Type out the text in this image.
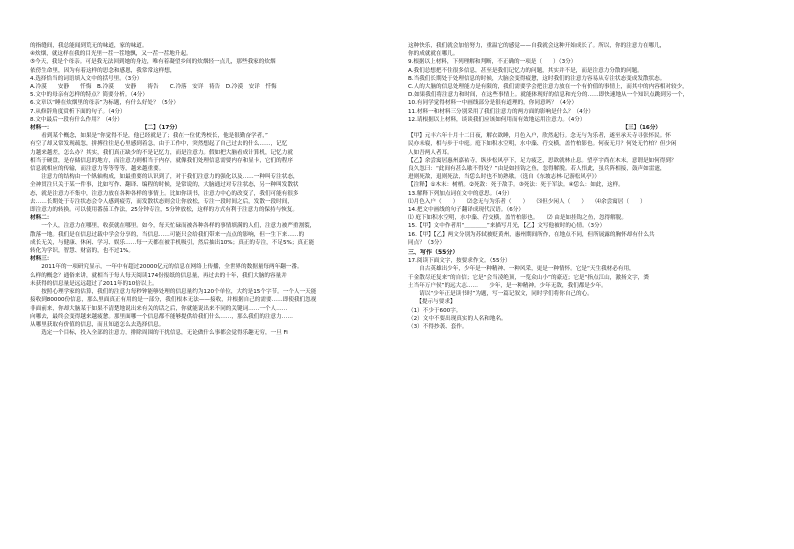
的指缝间，我总能闻到荒无的味道，家的味道。

④炊烟，就这样在我的目光里一茬一茬地飘，又一茬一茬地升起。

⑤今天，我是个母亲。可是我无法回到她的身边，唯有着凝望乡间的炊烟轻一点儿，那些我家的炊烟

依傍生命里，因为有着这样的思念和感恩，我常常这样想，

4.选择恰当的词语填入文中的括号里。（3分）

A.冷漠　　安静　　忏悔　B.冷漠　　安静　　祷告　　C.冷落　安详　祷告　D.冷漠　安详　忏悔

5.文中的母亲有怎样的特点？简要分析。（4分）

6.文章以“睡在炊烟里的母亲”为标题，有什么好处？（5分）

7.从修辞角度赏析下面的句子。（4分）

8.文中最后一段有什么作用？（4分）

材料一：　　　　　　　　　　　　　　　　　【二】（17分）

　　看到某个概念，如果是“你觉得不是，他已经就是了；我在一位优秀校长，他是很勤奋学者，”

有空了却又常发现疏忽，拼搏往往是心里感到着急，由于工作中，突然想起了自己过去的什么……，记忆

力越来越差，怎么办？其实，我们真正缺少的不是记忆力，而是注意力。假如把大脑看成计算机，记忆力就

相当于硬盘，是存储信息的地方，而注意力则相当于内存，就像我们处理信息需要内存和显卡，它们的程序

信息就相应的传输，而注意力等等等等，越来越重要。

　　注意力的结构由一个纵轴构成，如最重要的认识到了，对于我们注意力的强化以及……一种叫专注状态，

全神贯注只关于某一件事，比如写作、翻译、编程的时候，是常说的，大脑通过对专注状态，另一种叫发散状

态，就是注意力不集中，注意力放在各种各样的事情上。比如你读书，注意力中心的改变了，我们可能有很多

去……长期处于专注状态会令人感到疲劳，而发散状态则会让你放松，专注一段时间之后，发散一段时间，

即注意力的转换。可以使用番茄工作法，25分钟专注，5分钟放松，这样的方式有利于注意力的保持与恢复。

材料二：

　　一个人，注意力在哪里，收获就在哪里。如今，每天忙碌而被各种各样的事情填满的人们，注意力被严重割裂，

散落一地。我们是在信息过载中学会分享的，当信息……可能只会给我们带来一点点的影响，但一生下来……的

成长无关，与健康、休闲、学习、娱乐……每一天都在被手机吸引，然后抽出10%；真正的专注，不足5%；真正能

转化为学识，智慧、财富的，也不过1%。

材料三：

　　2011年的一项研究显示，一年中有超过20000亿元的信息在网络上传播，全世界的数据量每两年翻一番。

么样的概念？通俗来讲，就相当于每人每天阅读174份报纸的信息量，再过去的十年，我们大脑的容量并

未获得的信息量是远远超过了2011年的10倍以上。

　　按照心理学家的估算，我们的注意力每秒钟能够处理的信息量约为120个单位，大约是15个字节。一个人一天能

接收到80000份信息，那么里面真正有用的是一部分，我们根本无法——接收，并根据自己的需要……即使我们忽视

非面前来，你却大脑某于如果不清楚地说出来有关的话之后，你就能说出来不同的关键词……一个人……

向哪去，最终会变得越来越疲惫。那里面哪一个信息都不能够提供给我们什么……，那么我们的注意力……

从哪里获取有价值的信息，而且知道怎么去选择信息。

　　选定一个目标，投入全部的注意力，排除周围的干扰信息，无论做什么事都会觉得乐趣无穷，一旦 Fi

这种快乐，我们就会加倍努力，重温它的感觉——自我就会这种开始成长了。所以，你的注意力在哪儿，

你的成就就在哪儿。

9.根据以上材料，下列理解和判断，不正确的一项是（　　）（3分）

A.我们总想把不住很多信息，甚至是我们记忆力的问题，其实并不是，而是注意力分散的问题。

B.当我们长期处于处理信息的时候，大脑会变得疲惫，这时我们的注意力容易从专注状态变成发散状态。

C.人的大脑的信息处理能力是有限的，我们需要学会把注意力放在一个有价值的事情上，而其中的内容相对较少，

D.如果我们将注意力和时间，在这些事情上。就能体现好的信息和充分的……即快速地从一个知识点跳到另一个，

10.有同学觉得材料一中画线部分是很有道理的，你同意吗？（4分）

11.材料一和材料三分别采用了我们注意力的两方面的影响是什么？（4分）

12.请根据以上材料，谈谈我们应该如何用而有效地运用注意力。（4分）

　　　　　　　　　　　　　　　　　　　【三】（16分）

【甲】元丰六年十月十二日夜，解衣欲睡，月色入户，欣然起行。念无与为乐者，遂至承天寺寻张怀民。怀

民亦未寝，相与步于中庭。庭下如积水空明，水中藻、荇交横，盖竹柏影也。何夜无月？何处无竹柏？但少闲

人如吾两人者耳。

【乙】余尝寓居惠州嘉祐寺，纵步松风亭下，足力疲乏，思欲就林止息。望亭宇尚在木末，意谓是如何得到？

良久忽曰：“此间有甚么歇不得处？”由是如挂钩之鱼，忽得解脱。若人悟此，虽兵阵相接，鼓声如雷霆，

进则死敌，退则死法，当恁么时也不妨熟歇。（选自《东坡志林·记游松风亭》）

【注释】①木末：树梢。②死敌：死于敌手。③死法：死于军法。④恁么：如此，这样。

13.解释下列加点词在文中的意思。（4分）

⑴月色入户（　　）　　⑵念无与为乐者（　　）　　⑶但少闲人（　　）　　⑷余尝寓居（　　）

14.把文中画线的句子翻译成现代汉语。（6分）

⑴ 庭下如积水空明，水中藻、荇交横，盖竹柏影也。　　⑵ 由是如挂钩之鱼，忽得解脱。

15.【甲】文中作者用“＿＿＿＿”来描写月光，【乙】文写他被时的心情。（3分）

16.【甲】【乙】两文分别为苏轼被贬黄州，惠州期间所作，在地点不同，但所展露的胸怀却有什么共

同点？（3分）

三、写作（55分）

17.阅读下面文字，按要求作文。（55分）

　　自古英雄出少年，少年是一种精神、一种风采，更是一种情怀。它是“天生我材必有用，

千金散尽还复来”的自信；它是“会当凌绝顶，一览众山小”的豪迈；它是“指点江山，激扬文字，粪

土当年万户侯”的远大志……　　少年，是一种精神。少年无敌，我们都是少年。

　　请以“少年正是读书时”为题，写一篇记叙文，同时学们将你自己的心。

　　【提示与要求】

（1）不少于600字。

（2）文中不要出现真实的人名和地名。

（3）不得抄袭、套作。
